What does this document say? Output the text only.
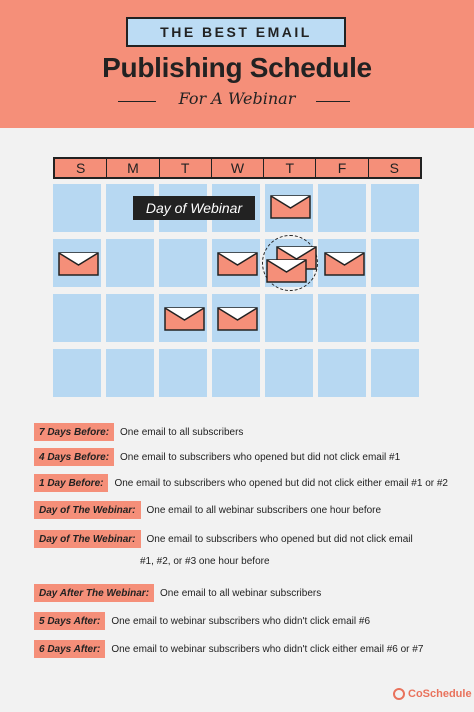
THE BEST EMAIL
Publishing Schedule
For A Webinar
S	M	T	W	T	F	S
Day of Webinar
7 Days Before:	One email to all subscribers
4 Days Before:	One email to subscribers who opened but did not click email #1
1 Day Before:	One email to subscribers who opened but did not click either email #1 or #2
Day of The Webinar:	One email to all webinar subscribers one hour before
Day of The Webinar:	One email to subscribers who opened but did not click email
#1, #2, or #3 one hour before
Day After The Webinar:	One email to all webinar subscribers
5 Days After:	One email to webinar subscribers who didn't click email #6
6 Days After:	One email to webinar subscribers who didn't click either email #6 or #7
CoSchedule
